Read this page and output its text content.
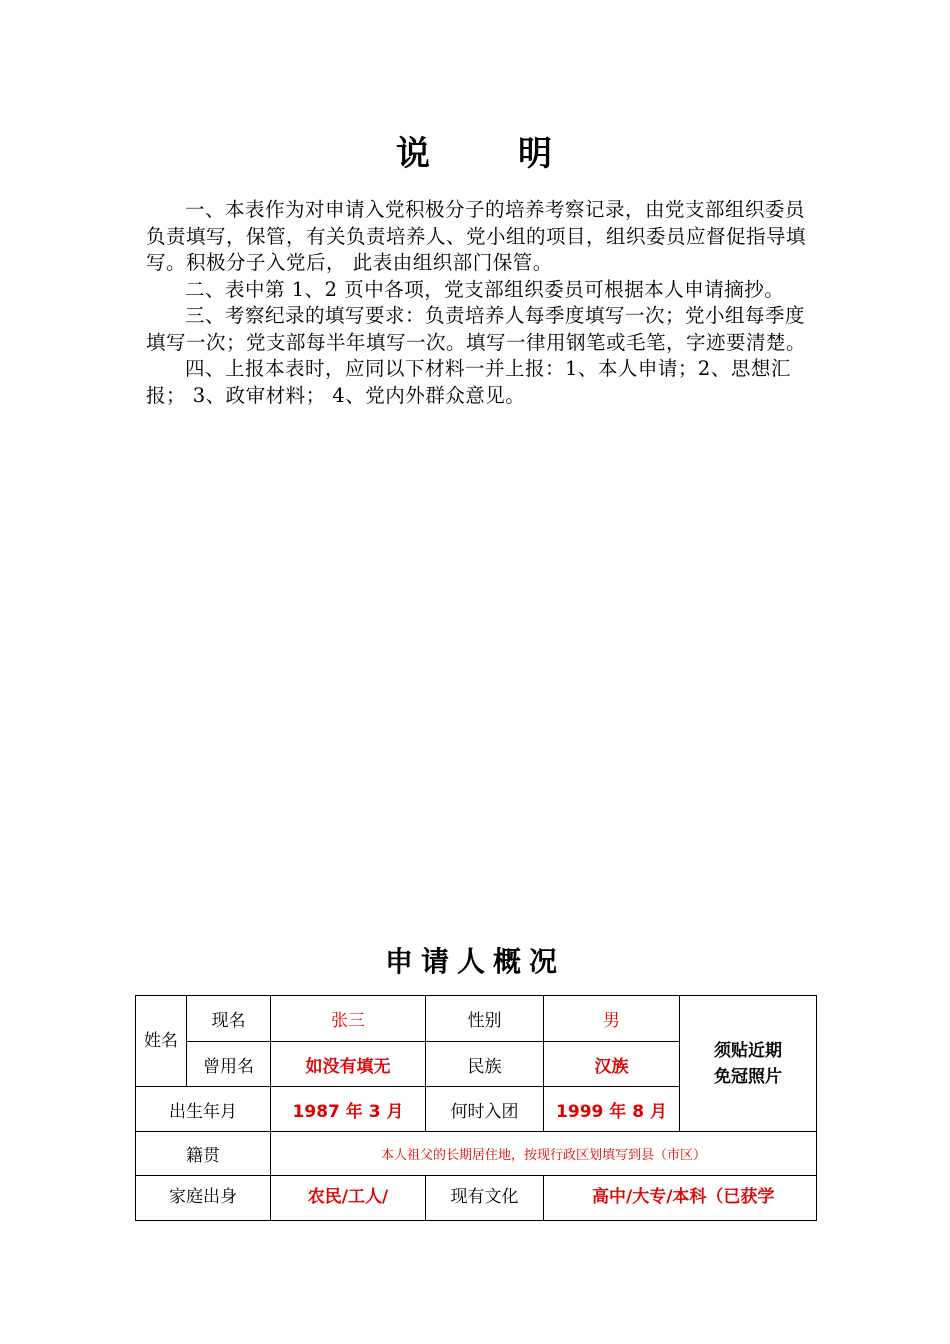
说	明

一、本表作为对申请入党积极分子的培养考察记录，由党支部组织委员负责填写，保管，有关负责培养人、党小组的项目，组织委员应督促指导填写。积极分子入党后， 此表由组织部门保管。

二、表中第 1、2 页中各项，党支部组织委员可根据本人申请摘抄。

三、考察纪录的填写要求：负责培养人每季度填写一次；党小组每季度填写一次；党支部每半年填写一次。填写一律用钢笔或毛笔，字迹要清楚。

四、上报本表时，应同以下材料一并上报：1、本人申请；2、思想汇报； 3、政审材料； 4、党内外群众意见。

申请人概况
姓名	现名	张三	性别	男	须贴近期免冠照片

	曾用名	如没有填无	民族	汉族	
出生年月		1987 年 3 月	何时入团	1999 年 8 月	
籍贯		本人祖父的长期居住地，按现行政区划填写到县（市区）			
家庭出身		农民/工人/	现有文化	高中/大专/本科（已获学	
